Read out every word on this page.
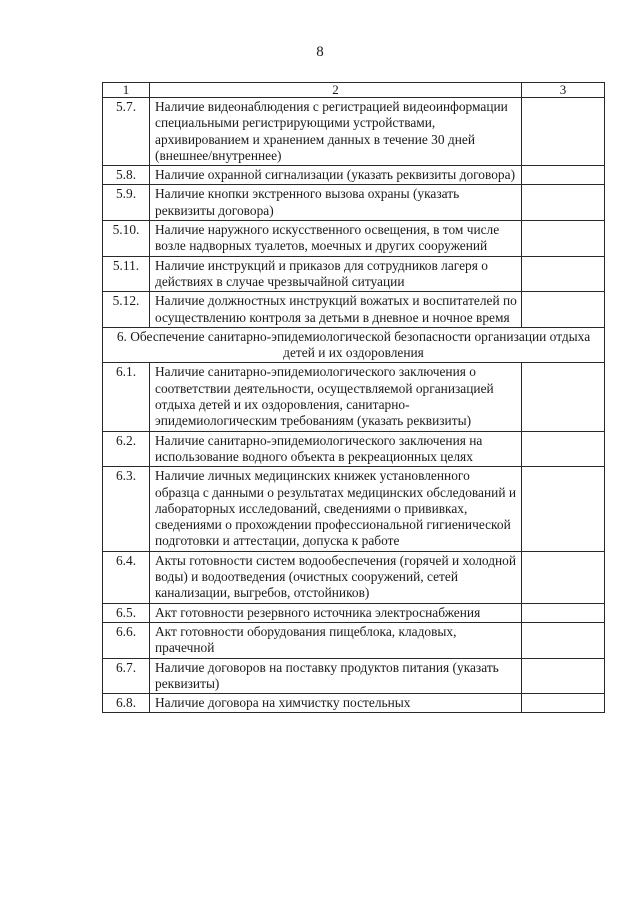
8
1	2	3
5.7.	Наличие видеонаблюдения с регистрацией видеоинформации специальными регистрирующими устройствами, архивированием и хранением данных в течение 30 дней (внешнее/внутреннее)	
5.8.	Наличие охранной сигнализации (указать реквизиты договора)	
5.9.	Наличие кнопки экстренного вызова охраны (указать реквизиты договора)	
5.10.	Наличие наружного искусственного освещения, в том числе возле надворных туалетов, моечных и других сооружений	
5.11.	Наличие инструкций и приказов для сотрудников лагеря о действиях в случае чрезвычайной ситуации	
5.12.	Наличие должностных инструкций вожатых и воспитателей по осуществлению контроля за детьми в дневное и ночное время	
6. Обеспечение санитарно-эпидемиологической безопасности организации отдыха детей и их оздоровления		
6.1.	Наличие санитарно-эпидемиологического заключения о соответствии деятельности, осуществляемой организацией отдыха детей и их оздоровления, санитарно-эпидемиологическим требованиям (указать реквизиты)	
6.2.	Наличие санитарно-эпидемиологического заключения на использование водного объекта в рекреационных целях	
6.3.	Наличие личных медицинских книжек установленного образца с данными о результатах медицинских обследований и лабораторных исследований, сведениями о прививках, сведениями о прохождении профессиональной гигиенической подготовки и аттестации, допуска к работе	
6.4.	Акты готовности систем водообеспечения (горячей и холодной воды) и водоотведения (очистных сооружений, сетей канализации, выгребов, отстойников)	
6.5.	Акт готовности резервного источника электроснабжения	
6.6.	Акт готовности оборудования пищеблока, кладовых, прачечной	
6.7.	Наличие договоров на поставку продуктов питания (указать реквизиты)	
6.8.	Наличие договора на химчистку постельных	
